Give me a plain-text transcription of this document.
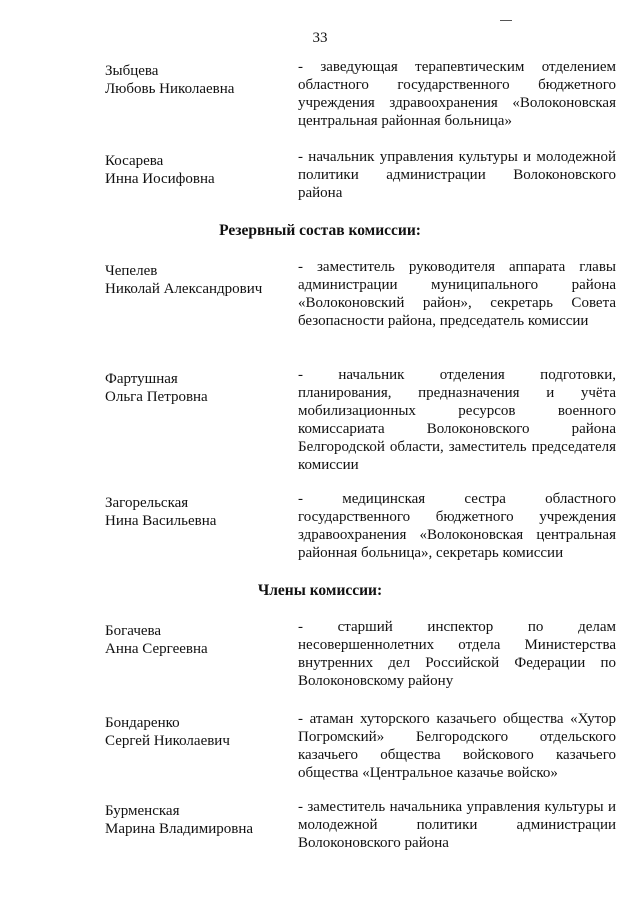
33
Зыбцева
Любовь Николаевна
- заведующая терапевтическим отделением областного государственного бюджетного учреждения здравоохранения «Волоконовская центральная районная больница»
Косарева
Инна Иосифовна
- начальник управления культуры и молодежной политики администрации Волоконовского района
Резервный состав комиссии:
Чепелев
Николай Александрович
- заместитель руководителя аппарата главы администрации муниципального района «Волоконовский район», секретарь Совета безопасности района, председатель комиссии
Фартушная
Ольга Петровна
- начальник отделения подготовки, планирования, предназначения и учёта мобилизационных ресурсов военного комиссариата Волоконовского района Белгородской области, заместитель председателя комиссии
Загорельская
Нина Васильевна
- медицинская сестра областного государственного бюджетного учреждения здравоохранения «Волоконовская центральная районная больница», секретарь комиссии
Члены комиссии:
Богачева
Анна Сергеевна
- старший инспектор по делам несовершеннолетних отдела Министерства внутренних дел Российской Федерации по Волоконовскому району
Бондаренко
Сергей Николаевич
- атаман хуторского казачьего общества «Хутор Погромский» Белгородского отдельского казачьего общества войскового казачьего общества «Центральное казачье войско»
Бурменская
Марина Владимировна
- заместитель начальника управления культуры и молодежной политики администрации Волоконовского района
